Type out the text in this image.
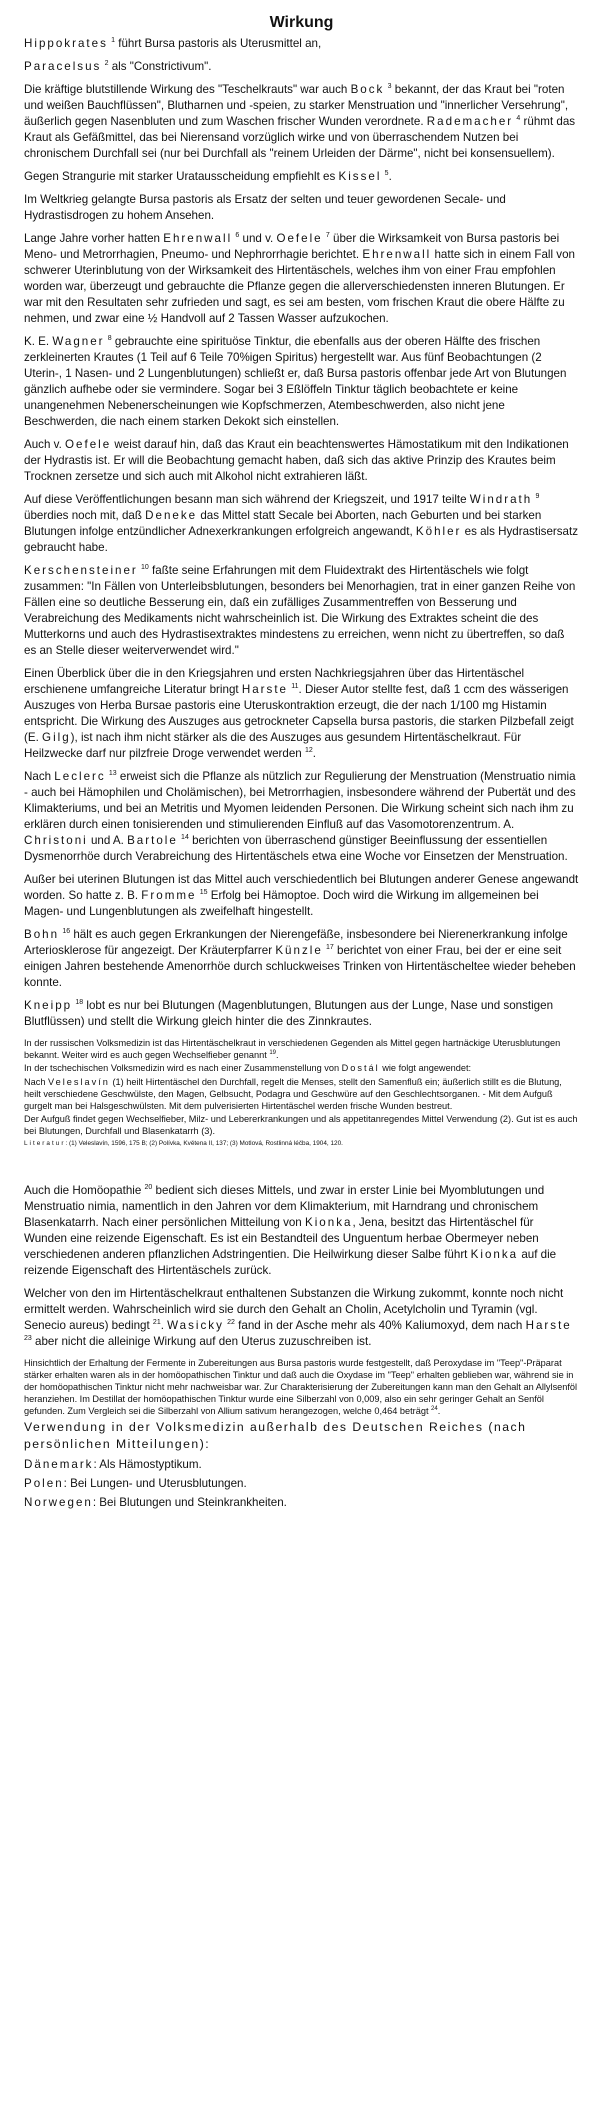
Wirkung
Hippokrates $^1$ führt Bursa pastoris als Uterusmittel an,
Paracelsus $^2$ als "Constrictivum".
Die kräftige blutstillende Wirkung des "Teschelkrauts" war auch Bock $^3$ bekannt, der das Kraut bei "roten und weißen Bauchflüssen", Blutharnen und -speien, zu starker Menstruation und "innerlicher Versehrung", äußerlich gegen Nasenbluten und zum Waschen frischer Wunden verordnete. Rademacher $^4$ rühmt das Kraut als Gefäßmittel, das bei Nierensand vorzüglich wirke und von überraschendem Nutzen bei chronischem Durchfall sei (nur bei Durchfall als "reinem Urleiden der Därme", nicht bei konsensuellem).
Gegen Strangurie mit starker Uratausscheidung empfiehlt es Kissel $^5$.
Im Weltkrieg gelangte Bursa pastoris als Ersatz der selten und teuer gewordenen Secale- und Hydrastisdrogen zu hohem Ansehen.
Lange Jahre vorher hatten Ehrenwall $^6$ und v. Oefele $^7$ über die Wirksamkeit von Bursa pastoris bei Meno- und Metrorrhagien, Pneumo- und Nephrorrhagie berichtet. Ehrenwall hatte sich in einem Fall von schwerer Uterinblutung von der Wirksamkeit des Hirtentäschels, welches ihm von einer Frau empfohlen worden war, überzeugt und gebrauchte die Pflanze gegen die allerverschiedensten inneren Blutungen. Er war mit den Resultaten sehr zufrieden und sagt, es sei am besten, vom frischen Kraut die obere Hälfte zu nehmen, und zwar eine ½ Handvoll auf 2 Tassen Wasser aufzukochen.
K. E. Wagner $^8$ gebrauchte eine spirituöse Tinktur, die ebenfalls aus der oberen Hälfte des frischen zerkleinerten Krautes (1 Teil auf 6 Teile 70%igen Spiritus) hergestellt war. Aus fünf Beobachtungen (2 Uterin-, 1 Nasen- und 2 Lungenblutungen) schließt er, daß Bursa pastoris offenbar jede Art von Blutungen gänzlich aufhebe oder sie vermindere. Sogar bei 3 Eßlöffeln Tinktur täglich beobachtete er keine unangenehmen Nebenerscheinungen wie Kopfschmerzen, Atembeschwerden, also nicht jene Beschwerden, die nach einem starken Dekokt sich einstellen.
Auch v. Oefele weist darauf hin, daß das Kraut ein beachtenswertes Hämostatikum mit den Indikationen der Hydrastis ist. Er will die Beobachtung gemacht haben, daß sich das aktive Prinzip des Krautes beim Trocknen zersetze und sich auch mit Alkohol nicht extrahieren läßt.
Auf diese Veröffentlichungen besann man sich während der Kriegszeit, und 1917 teilte Windrath $^9$ überdies noch mit, daß Deneke das Mittel statt Secale bei Aborten, nach Geburten und bei starken Blutungen infolge entzündlicher Adnexerkrankungen erfolgreich angewandt, Köhler es als Hydrastisersatz gebraucht habe.
Kerschensteiner $^{10}$ faßte seine Erfahrungen mit dem Fluidextrakt des Hirtentäschels wie folgt zusammen: "In Fällen von Unterleibsblutungen, besonders bei Menorhagien, trat in einer ganzen Reihe von Fällen eine so deutliche Besserung ein, daß ein zufälliges Zusammentreffen von Besserung und Verabreichung des Medikaments nicht wahrscheinlich ist. Die Wirkung des Extraktes scheint die des Mutterkorns und auch des Hydrastisextraktes mindestens zu erreichen, wenn nicht zu übertreffen, so daß es an Stelle dieser weiterverwendet wird."
Einen Überblick über die in den Kriegsjahren und ersten Nachkriegsjahren über das Hirtentäschel erschienene umfangreiche Literatur bringt Harste $^{11}$. Dieser Autor stellte fest, daß 1 ccm des wässerigen Auszuges von Herba Bursae pastoris eine Uteruskontraktion erzeugt, die der nach 1/100 mg Histamin entspricht. Die Wirkung des Auszuges aus getrockneter Capsella bursa pastoris, die starken Pilzbefall zeigt (E. Gilg), ist nach ihm nicht stärker als die des Auszuges aus gesundem Hirtentäschelkraut. Für Heilzwecke darf nur pilzfreie Droge verwendet werden $^{12}$.
Nach Leclerc $^{13}$ erweist sich die Pflanze als nützlich zur Regulierung der Menstruation (Menstruatio nimia - auch bei Hämophilen und Cholämischen), bei Metrorrhagien, insbesondere während der Pubertät und des Klimakteriums, und bei an Metritis und Myomen leidenden Personen. Die Wirkung scheint sich nach ihm zu erklären durch einen tonisierenden und stimulierenden Einfluß auf das Vasomotorenzentrum. A. Christoni und A. Bartole $^{14}$ berichten von überraschend günstiger Beeinflussung der essentiellen Dysmenorrhöe durch Verabreichung des Hirtentäschels etwa eine Woche vor Einsetzen der Menstruation.
Außer bei uterinen Blutungen ist das Mittel auch verschiedentlich bei Blutungen anderer Genese angewandt worden. So hatte z. B. Fromme $^{15}$ Erfolg bei Hämoptoe. Doch wird die Wirkung im allgemeinen bei Magen- und Lungenblutungen als zweifelhaft hingestellt.
Bohn $^{16}$ hält es auch gegen Erkrankungen der Nierengefäße, insbesondere bei Nierenerkrankung infolge Arteriosklerose für angezeigt. Der Kräuterpfarrer Künzle $^{17}$ berichtet von einer Frau, bei der er eine seit einigen Jahren bestehende Amenorrhöe durch schluckweises Trinken von Hirtentäscheltee wieder beheben konnte.
Kneipp $^{18}$ lobt es nur bei Blutungen (Magenblutungen, Blutungen aus der Lunge, Nase und sonstigen Blutflüssen) und stellt die Wirkung gleich hinter die des Zinnkrautes.
In der russischen Volksmedizin ist das Hirtentäschelkraut in verschiedenen Gegenden als Mittel gegen hartnäckige Uterusblutungen bekannt. Weiter wird es auch gegen Wechselfieber genannt $^{19}$.
In der tschechischen Volksmedizin wird es nach einer Zusammenstellung von Dostál wie folgt angewendet:
Nach Veleslavín (1) heilt Hirtentäschel den Durchfall, regelt die Menses, stellt den Samenfluß ein; äußerlich stillt es die Blutung, heilt verschiedene Geschwülste, den Magen, Gelbsucht, Podagra und Geschwüre auf den Geschlechtsorganen. - Mit dem Aufguß gurgelt man bei Halsgeschwülsten. Mit dem pulverisierten Hirtentäschel werden frische Wunden bestreut.
Der Aufguß findet gegen Wechselfieber, Milz- und Lebererkrankungen und als appetitanregendes Mittel Verwendung (2). Gut ist es auch bei Blutungen, Durchfall und Blasenkatarrh (3).
Literatur: (1) Veleslavín, 1596, 175 B; (2) Polívka, Květena II, 137; (3) Motlová, Rostlinná léčba, 1904, 120.
Auch die Homöopathie $^{20}$ bedient sich dieses Mittels, und zwar in erster Linie bei Myomblutungen und Menstruatio nimia, namentlich in den Jahren vor dem Klimakterium, mit Harndrang und chronischem Blasenkatarrh. Nach einer persönlichen Mitteilung von Kionka, Jena, besitzt das Hirtentäschel für Wunden eine reizende Eigenschaft. Es ist ein Bestandteil des Unguentum herbae Obermeyer neben verschiedenen anderen pflanzlichen Adstringentien. Die Heilwirkung dieser Salbe führt Kionka auf die reizende Eigenschaft des Hirtentäschels zurück.
Welcher von den im Hirtentäschelkraut enthaltenen Substanzen die Wirkung zukommt, konnte noch nicht ermittelt werden. Wahrscheinlich wird sie durch den Gehalt an Cholin, Acetylcholin und Tyramin (vgl. Senecio aureus) bedingt $^{21}$. Wasicky $^{22}$ fand in der Asche mehr als 40% Kaliumoxyd, dem nach Harste $^{23}$ aber nicht die alleinige Wirkung auf den Uterus zuzuschreiben ist.
Hinsichtlich der Erhaltung der Fermente in Zubereitungen aus Bursa pastoris wurde festgestellt, daß Peroxydase im "Teep"-Präparat stärker erhalten waren als in der homöopathischen Tinktur und daß auch die Oxydase im "Teep" erhalten geblieben war, während sie in der homöopathischen Tinktur nicht mehr nachweisbar war. Zur Charakterisierung der Zubereitungen kann man den Gehalt an Allylsenföl heranziehen. Im Destillat der homöopathischen Tinktur wurde eine Silberzahl von 0,009, also ein sehr geringer Gehalt an Senföl gefunden. Zum Vergleich sei die Silberzahl von Allium sativum herangezogen, welche 0,464 beträgt $^{24}$.
Verwendung in der Volksmedizin außerhalb des Deutschen Reiches (nach persönlichen Mitteilungen):
Dänemark: Als Hämostyptikum.
Polen: Bei Lungen- und Uterusblutungen.
Norwegen: Bei Blutungen und Steinkrankheiten.
